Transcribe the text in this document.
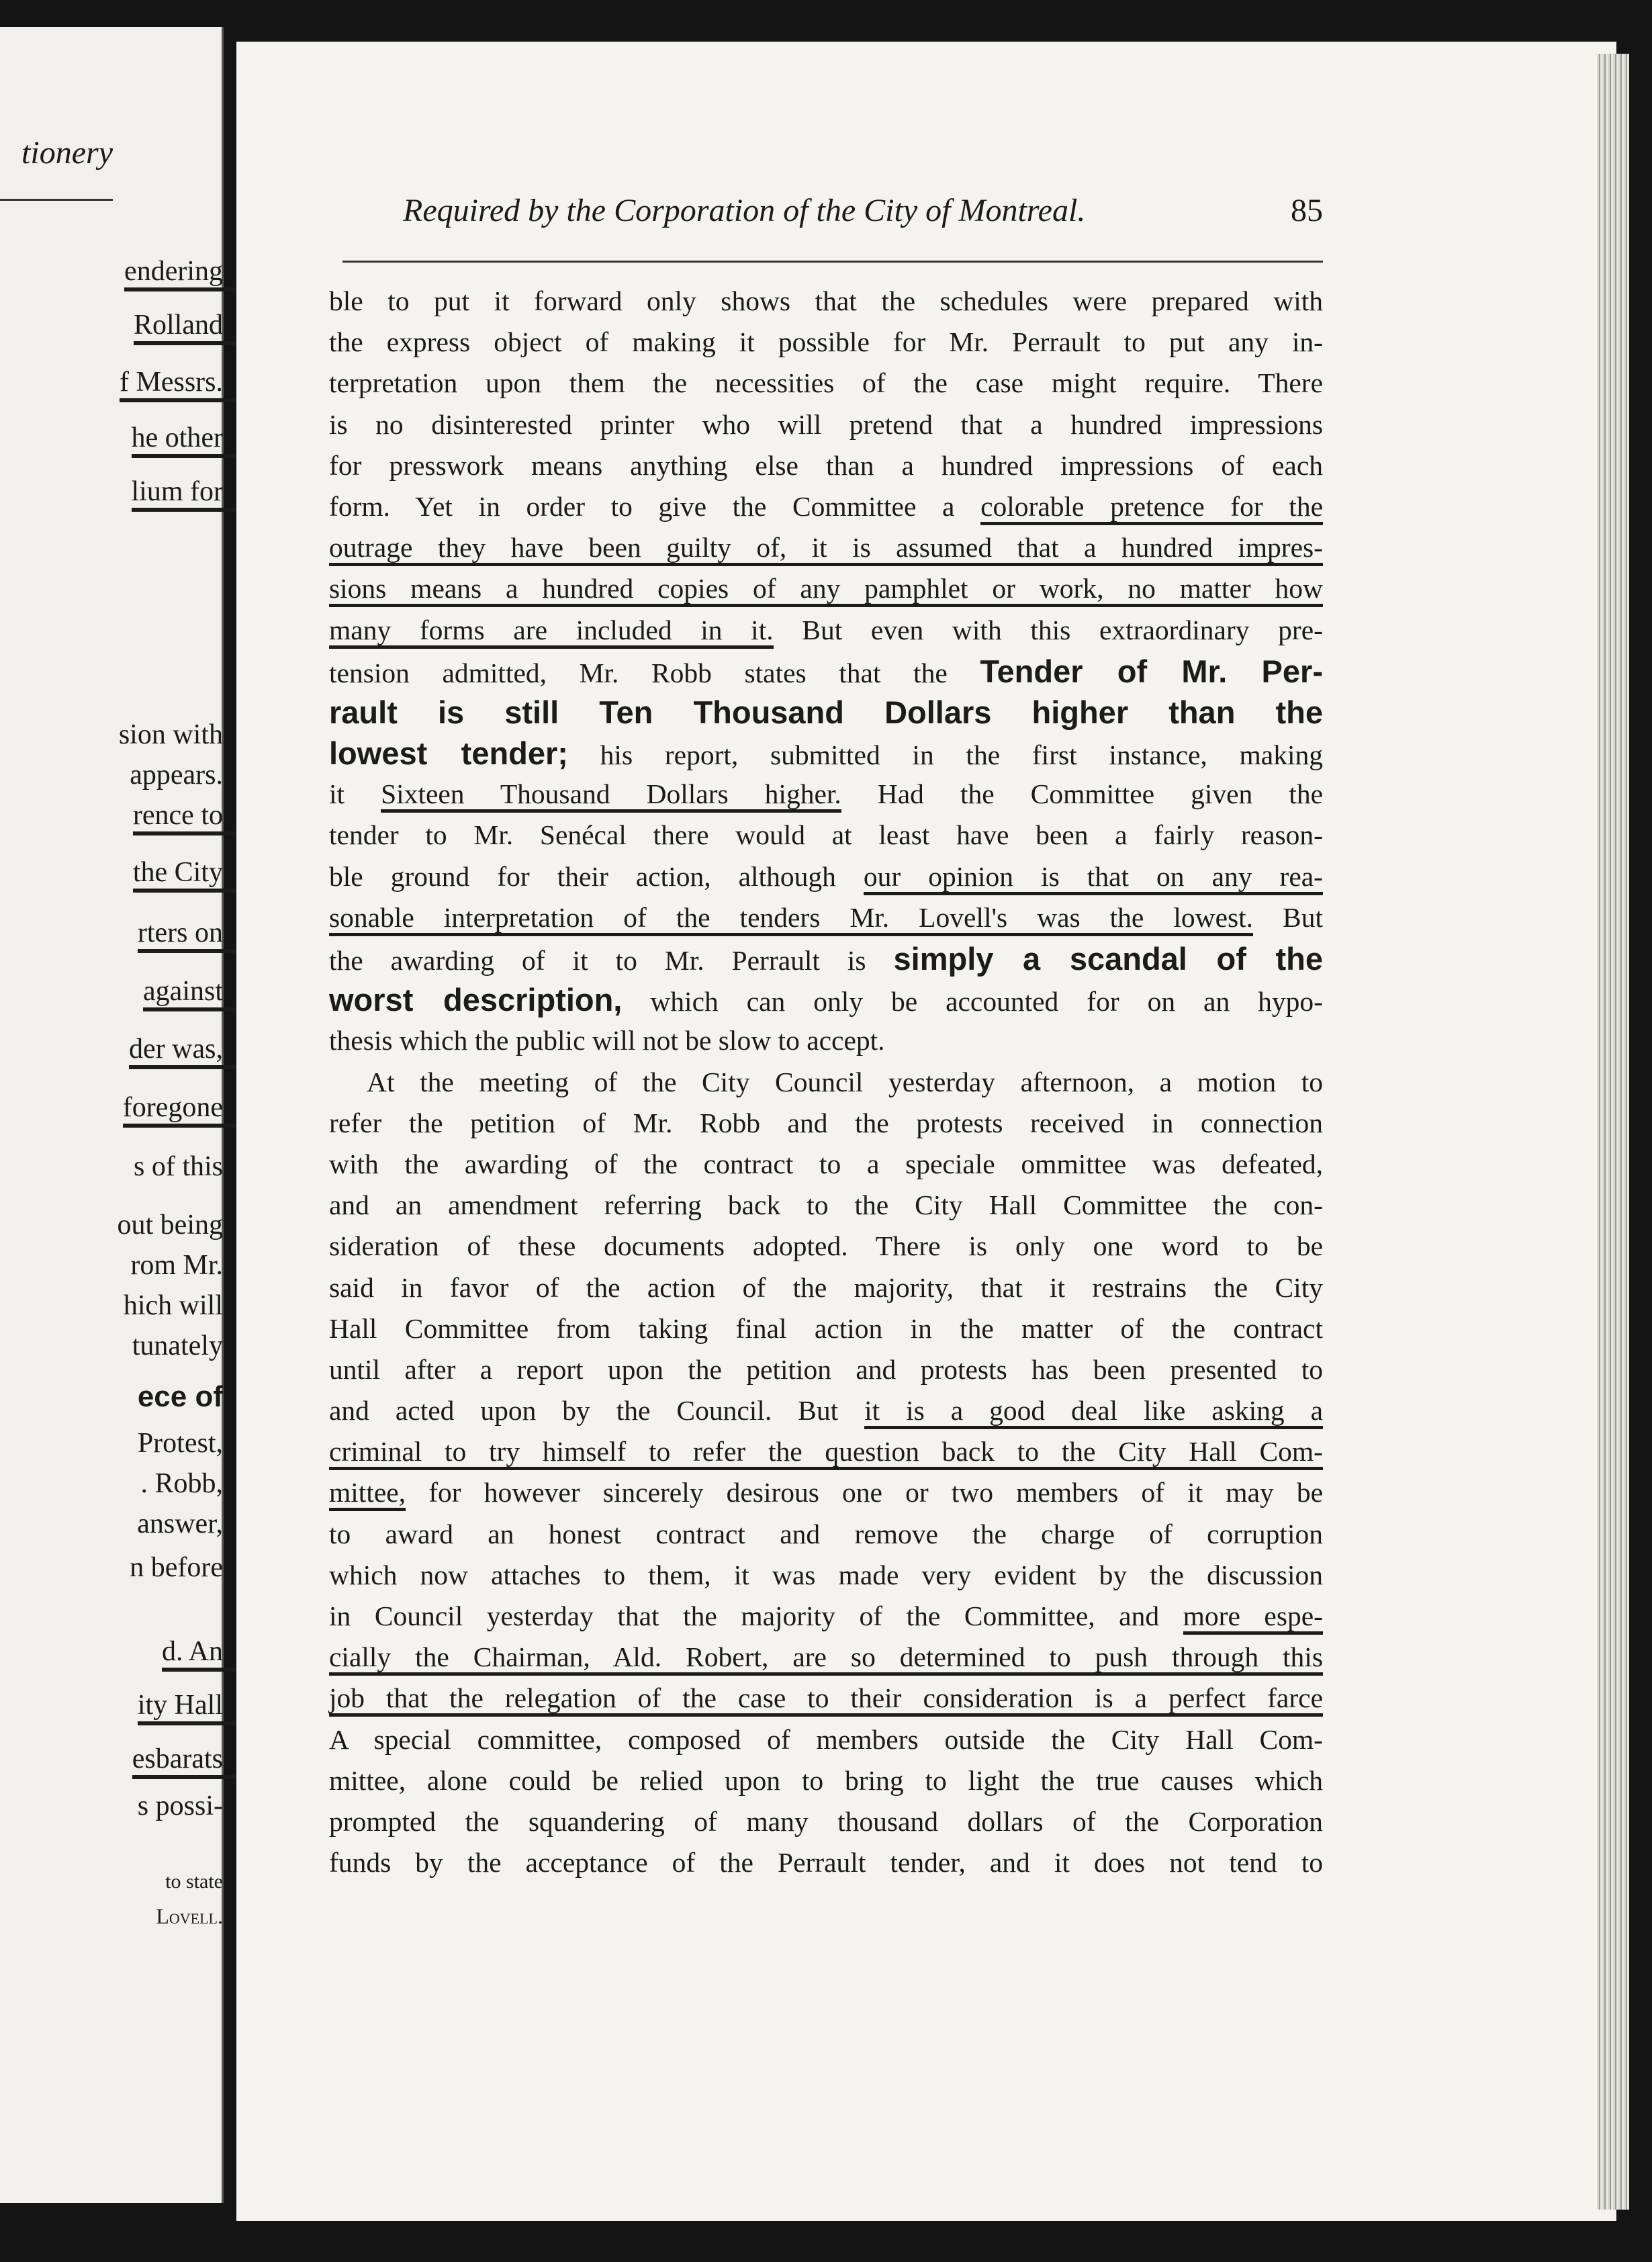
tionery
endering
Rolland
f Messrs.
he other
lium for
sion with
appears.
rence to
the City
rters on
against
der was,
foregone
s of this
out being
rom Mr.
hich will
tunately
ece of
Protest,
. Robb,
answer,
n before
d. An
ity Hall
esbarats
s possi-
to state
Lovell.
Required by the Corporation of the City of Montreal.	85
ble to put it forward only shows that the schedules were prepared with
the express object of making it possible for Mr. Perrault to put any in-
terpretation upon them the necessities of the case might require. There
is no disinterested printer who will pretend that a hundred impressions
for presswork means anything else than a hundred impressions of each
form. Yet in order to give the Committee a colorable pretence for the
outrage they have been guilty of, it is assumed that a hundred impres-
sions means a hundred copies of any pamphlet or work, no matter how
many forms are included in it. But even with this extraordinary pre-
tension admitted, Mr. Robb states that the Tender of Mr. Per-
rault is still Ten Thousand Dollars higher than the
lowest tender; his report, submitted in the first instance, making
it Sixteen Thousand Dollars higher. Had the Committee given the
tender to Mr. Senécal there would at least have been a fairly reason-
ble ground for their action, although our opinion is that on any rea-
sonable interpretation of the tenders Mr. Lovell's was the lowest. But
the awarding of it to Mr. Perrault is simply a scandal of the
worst description, which can only be accounted for on an hypo-
thesis which the public will not be slow to accept.
At the meeting of the City Council yesterday afternoon, a motion to
refer the petition of Mr. Robb and the protests received in connection
with the awarding of the contract to a speciale ommittee was defeated,
and an amendment referring back to the City Hall Committee the con-
sideration of these documents adopted. There is only one word to be
said in favor of the action of the majority, that it restrains the City
Hall Committee from taking final action in the matter of the contract
until after a report upon the petition and protests has been presented to
and acted upon by the Council. But it is a good deal like asking a
criminal to try himself to refer the question back to the City Hall Com-
mittee, for however sincerely desirous one or two members of it may be
to award an honest contract and remove the charge of corruption
which now attaches to them, it was made very evident by the discussion
in Council yesterday that the majority of the Committee, and more espe-
cially the Chairman, Ald. Robert, are so determined to push through this
job that the relegation of the case to their consideration is a perfect farce
A special committee, composed of members outside the City Hall Com-
mittee, alone could be relied upon to bring to light the true causes which
prompted the squandering of many thousand dollars of the Corporation
funds by the acceptance of the Perrault tender, and it does not tend to
